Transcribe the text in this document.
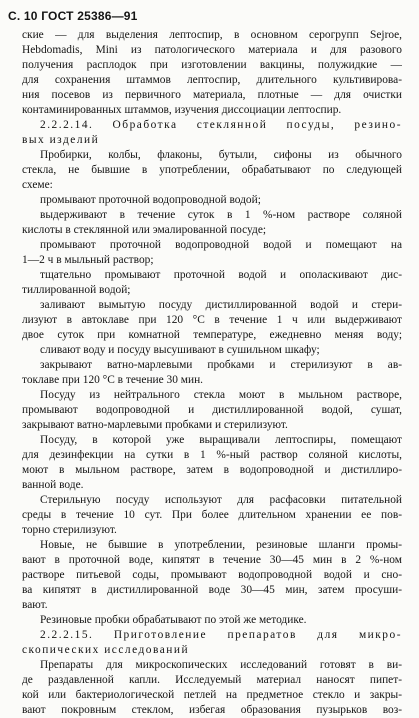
С. 10 ГОСТ 25386—91
ские — для выделения лептоспир, в основном серогрупп Sejroe,
Hebdomadis, Mini из патологического материала и для разового
получения расплодок при изготовлении вакцины, полужидкие —
для сохранения штаммов лептоспир, длительного культивирова-
ния посевов из первичного материала, плотные — для очистки
контаминированных штаммов, изучения диссоциации лептоспир.
2.2.2.14. Обработка стеклянной посуды, резино-
вых изделий
Пробирки, колбы, флаконы, бутыли, сифоны из обычного
стекла, не бывшие в употреблении, обрабатывают по следующей
схеме:
промывают проточной водопроводной водой;
выдерживают в течение суток в 1 %-ном растворе соляной
кислоты в стеклянной или эмалированной посуде;
промывают проточной водопроводной водой и помещают на
1—2 ч в мыльный раствор;
тщательно промывают проточной водой и ополаскивают дис-
тиллированной водой;
заливают вымытую посуду дистиллированной водой и стери-
лизуют в автоклаве при 120 °С в течение 1 ч или выдерживают
двое суток при комнатной температуре, ежедневно меняя воду;
сливают воду и посуду высушивают в сушильном шкафу;
закрывают ватно-марлевыми пробками и стерилизуют в ав-
токлаве при 120 °С в течение 30 мин.
Посуду из нейтрального стекла моют в мыльном растворе,
промывают водопроводной и дистиллированной водой, сушат,
закрывают ватно-марлевыми пробками и стерилизуют.
Посуду, в которой уже выращивали лептоспиры, помещают
для дезинфекции на сутки в 1 %-ный раствор соляной кислоты,
моют в мыльном растворе, затем в водопроводной и дистиллиро-
ванной воде.
Стерильную посуду используют для расфасовки питательной
среды в течение 10 сут. При более длительном хранении ее пов-
торно стерилизуют.
Новые, не бывшие в употреблении, резиновые шланги промы-
вают в проточной воде, кипятят в течение 30—45 мин в 2 %-ном
растворе питьевой соды, промывают водопроводной водой и сно-
ва кипятят в дистиллированной воде 30—45 мин, затем просуши-
вают.
Резиновые пробки обрабатывают по этой же методике.
2.2.2.15. Приготовление препаратов для микро-
скопических исследований
Препараты для микроскопических исследований готовят в ви-
де раздавленной капли. Исследуемый материал наносят пипет-
кой или бактериологической петлей на предметное стекло и закры-
вают покровным стеклом, избегая образования пузырьков воз-
